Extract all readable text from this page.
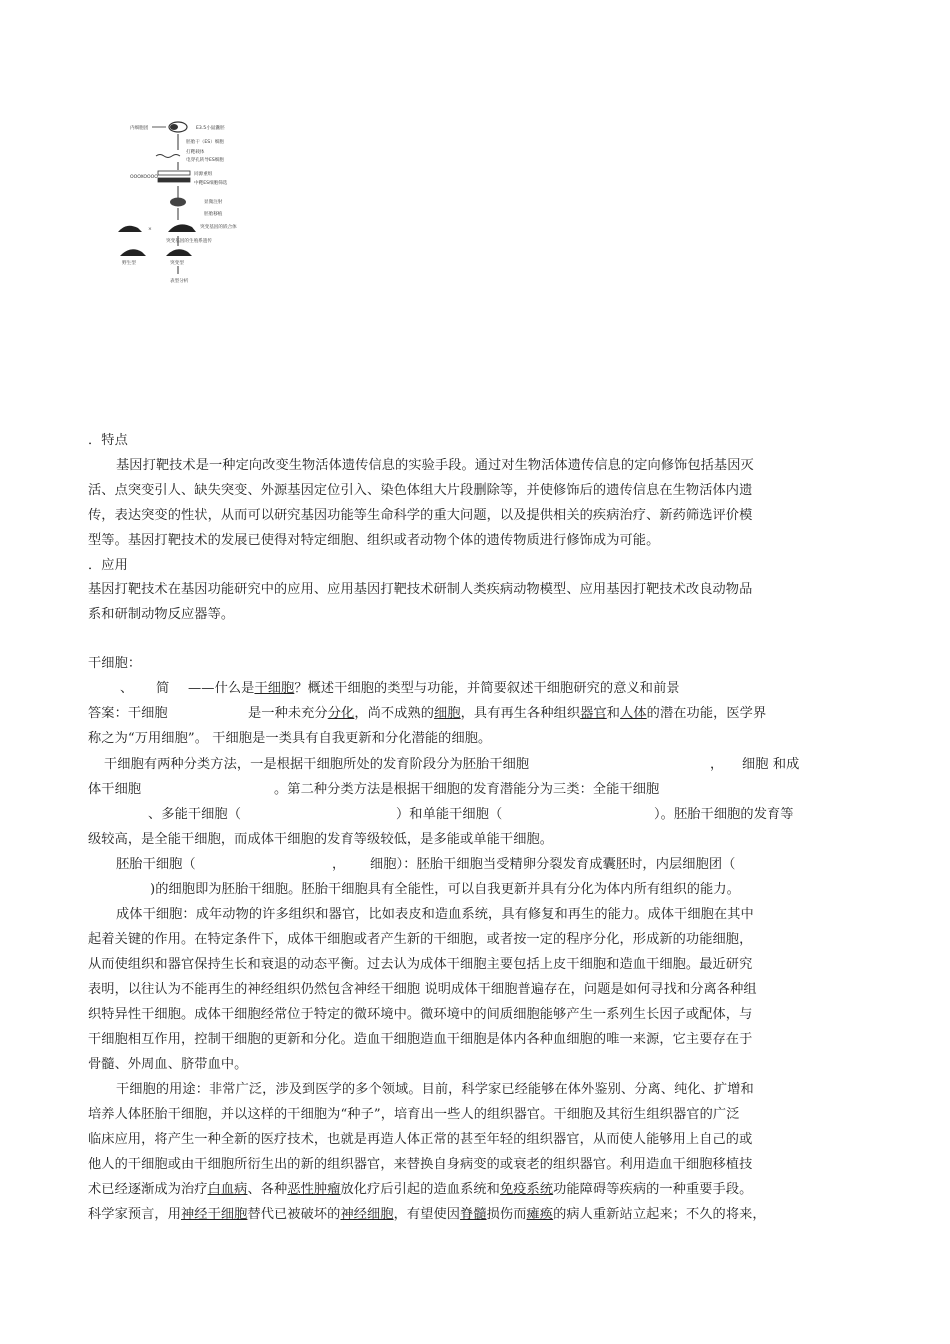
内细胞团	E3.5小鼠囊胚
胚胎干（ES）细胞
打靶载体
电穿孔转导ES细胞
同源重组
OOOXOOOO
中靶ES细胞筛选
显微注射
胚胎移植
×	突变基因的嵌合体
突变基因的生殖系遗传
野生型	突变型
表型分析
．特点
基因打靶技术是一种定向改变生物活体遗传信息的实验手段。通过对生物活体遗传信息的定向修饰包括基因灭
活、点突变引人、缺失突变、外源基因定位引入、染色体组大片段删除等，并使修饰后的遗传信息在生物活体内遗
传，表达突变的性状，从而可以研究基因功能等生命科学的重大问题，以及提供相关的疾病治疗、新药筛选评价模
型等。基因打靶技术的发展已使得对特定细胞、组织或者动物个体的遗传物质进行修饰成为可能。
．应用
基因打靶技术在基因功能研究中的应用、应用基因打靶技术研制人类疾病动物模型、应用基因打靶技术改良动物品
系和研制动物反应器等。
干细胞：
、 简 ——什么是干细胞？概述干细胞的类型与功能，并简要叙述干细胞研究的意义和前景
答案：干细胞	是一种未充分分化，尚不成熟的细胞，具有再生各种组织器官和人体的潜在功能，医学界
称之为“万用细胞”。 干细胞是一类具有自我更新和分化潜能的细胞。
干细胞有两种分类方法，一是根据干细胞所处的发育阶段分为胚胎干细胞	， 细胞 和成
体干细胞	。第二种分类方法是根据干细胞的发育潜能分为三类：全能干细胞
、多能干细胞（	）和单能干细胞（	）。胚胎干细胞的发育等
级较高，是全能干细胞，而成体干细胞的发育等级较低，是多能或单能干细胞。
胚胎干细胞（	， 细胞）：胚胎干细胞当受精卵分裂发育成囊胚时，内层细胞团（
)的细胞即为胚胎干细胞。胚胎干细胞具有全能性，可以自我更新并具有分化为体内所有组织的能力。
成体干细胞：成年动物的许多组织和器官，比如表皮和造血系统，具有修复和再生的能力。成体干细胞在其中
起着关键的作用。在特定条件下，成体干细胞或者产生新的干细胞，或者按一定的程序分化，形成新的功能细胞，
从而使组织和器官保持生长和衰退的动态平衡。过去认为成体干细胞主要包括上皮干细胞和造血干细胞。最近研究
表明，以往认为不能再生的神经组织仍然包含神经干细胞 说明成体干细胞普遍存在，问题是如何寻找和分离各种组
织特异性干细胞。成体干细胞经常位于特定的微环境中。微环境中的间质细胞能够产生一系列生长因子或配体，与
干细胞相互作用，控制干细胞的更新和分化。造血干细胞造血干细胞是体内各种血细胞的唯一来源，它主要存在于
骨髓、外周血、脐带血中。
干细胞的用途：非常广泛，涉及到医学的多个领域。目前，科学家已经能够在体外鉴别、分离、纯化、扩增和
培养人体胚胎干细胞，并以这样的干细胞为“种子”，培育出一些人的组织器官。干细胞及其衍生组织器官的广泛
临床应用，将产生一种全新的医疗技术，也就是再造人体正常的甚至年轻的组织器官，从而使人能够用上自己的或
他人的干细胞或由干细胞所衍生出的新的组织器官，来替换自身病变的或衰老的组织器官。利用造血干细胞移植技
术已经逐渐成为治疗白血病、各种恶性肿瘤放化疗后引起的造血系统和免疫系统功能障碍等疾病的一种重要手段。
科学家预言，用神经干细胞替代已被破坏的神经细胞，有望使因脊髓损伤而瘫痪的病人重新站立起来；不久的将来，
